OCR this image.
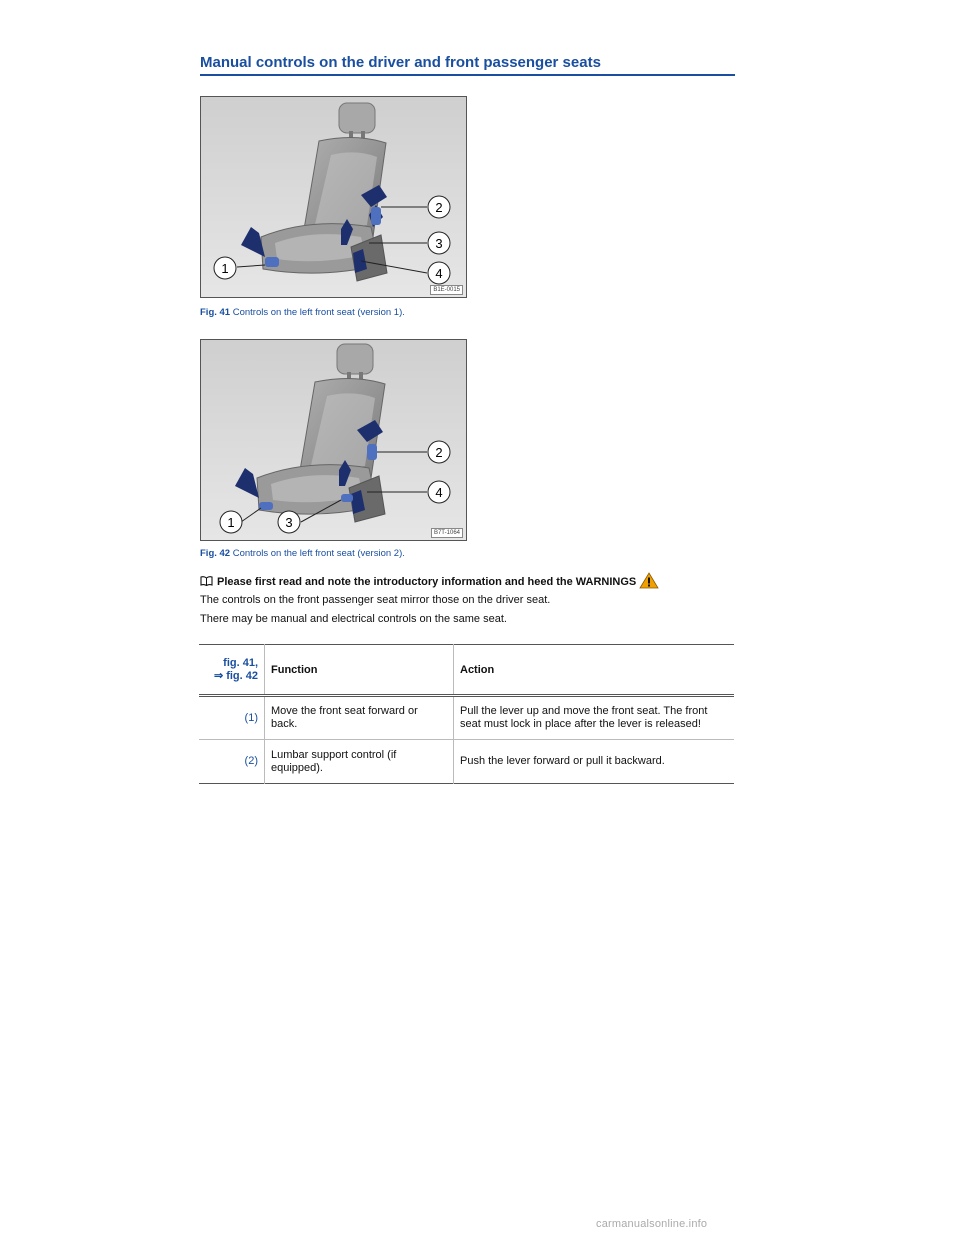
Manual controls on the driver and front passenger seats
1
2
3
4
B1E-0015
Fig. 41 Controls on the left front seat (version 1).
1	3
2
4
B7T-1064
Fig. 42 Controls on the left front seat (version 2).
Please first read and note the introductory information and heed the WARNINGS

The controls on the front passenger seat mirror those on the driver seat.

There may be manual and electrical controls on the same seat.

fig. 41,
⇒ fig. 42	Function	Action
(1)	Move the front seat forward or back.	Pull the lever up and move the front seat. The front seat must lock in place after the lever is released!
(2)	Lumbar support control (if equipped).	Push the lever forward or pull it backward.
carmanualsonline.info
